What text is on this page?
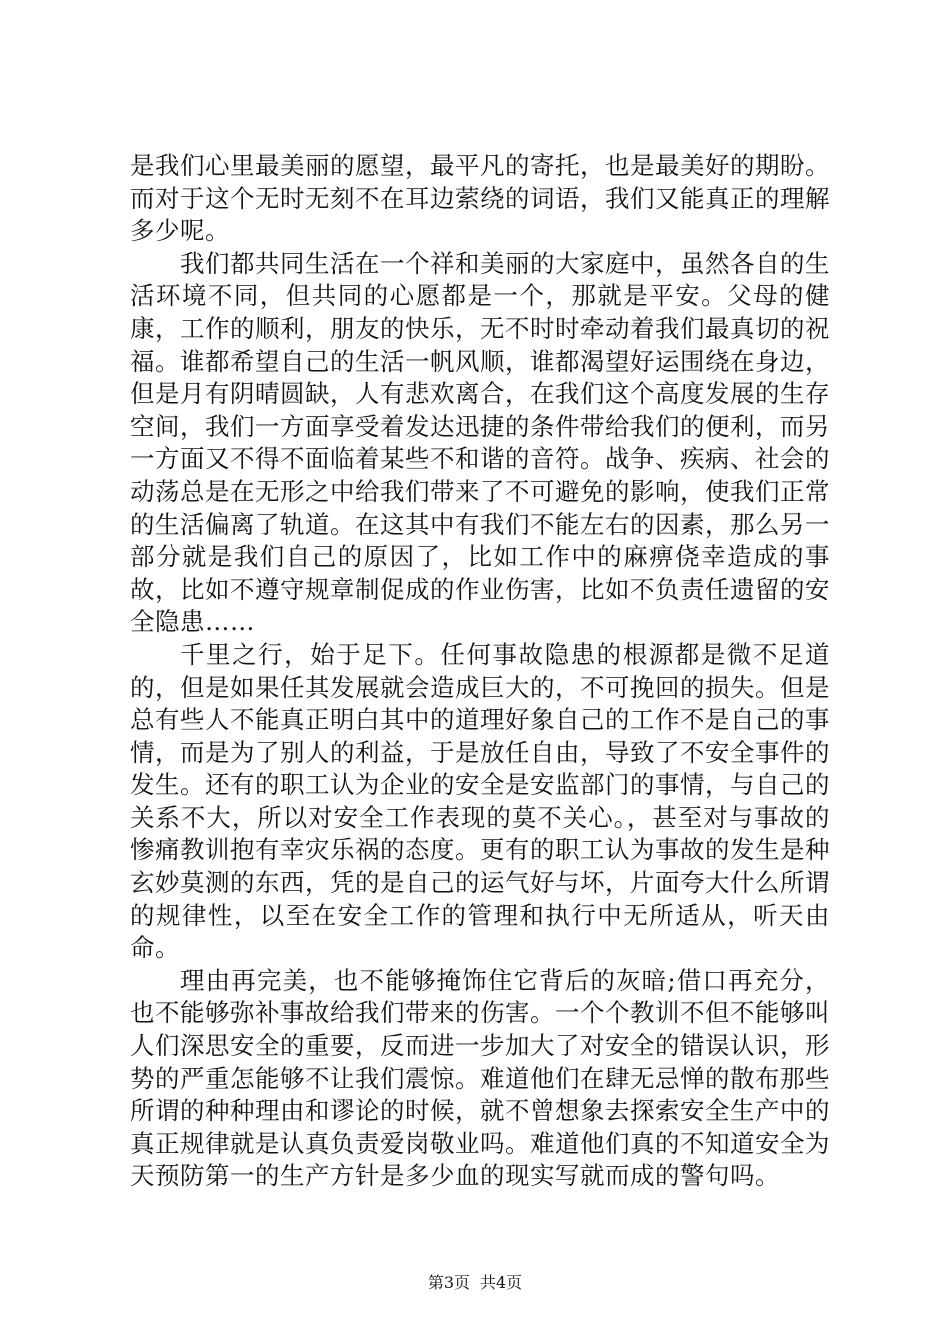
是我们心里最美丽的愿望，最平凡的寄托，也是最美好的期盼。而对于这个无时无刻不在耳边萦绕的词语，我们又能真正的理解多少呢。

我们都共同生活在一个祥和美丽的大家庭中，虽然各自的生活环境不同，但共同的心愿都是一个，那就是平安。父母的健康，工作的顺利，朋友的快乐，无不时时牵动着我们最真切的祝福。谁都希望自己的生活一帆风顺，谁都渴望好运围绕在身边，但是月有阴晴圆缺，人有悲欢离合，在我们这个高度发展的生存空间，我们一方面享受着发达迅捷的条件带给我们的便利，而另一方面又不得不面临着某些不和谐的音符。战争、疾病、社会的动荡总是在无形之中给我们带来了不可避免的影响，使我们正常的生活偏离了轨道。在这其中有我们不能左右的因素，那么另一部分就是我们自己的原因了，比如工作中的麻痹侥幸造成的事故，比如不遵守规章制促成的作业伤害，比如不负责任遗留的安全隐患……

千里之行，始于足下。任何事故隐患的根源都是微不足道的，但是如果任其发展就会造成巨大的，不可挽回的损失。但是总有些人不能真正明白其中的道理好象自己的工作不是自己的事情，而是为了别人的利益，于是放任自由，导致了不安全事件的发生。还有的职工认为企业的安全是安监部门的事情，与自己的关系不大，所以对安全工作表现的莫不关心。，甚至对与事故的惨痛教训抱有幸灾乐祸的态度。更有的职工认为事故的发生是种玄妙莫测的东西，凭的是自己的运气好与坏，片面夸大什么所谓的规律性，以至在安全工作的管理和执行中无所适从，听天由命。

理由再完美，也不能够掩饰住它背后的灰暗;借口再充分，也不能够弥补事故给我们带来的伤害。一个个教训不但不能够叫人们深思安全的重要，反而进一步加大了对安全的错误认识，形势的严重怎能够不让我们震惊。难道他们在肆无忌惮的散布那些所谓的种种理由和谬论的时候，就不曾想象去探索安全生产中的真正规律就是认真负责爱岗敬业吗。难道他们真的不知道安全为天预防第一的生产方针是多少血的现实写就而成的警句吗。

第3页 共4页
